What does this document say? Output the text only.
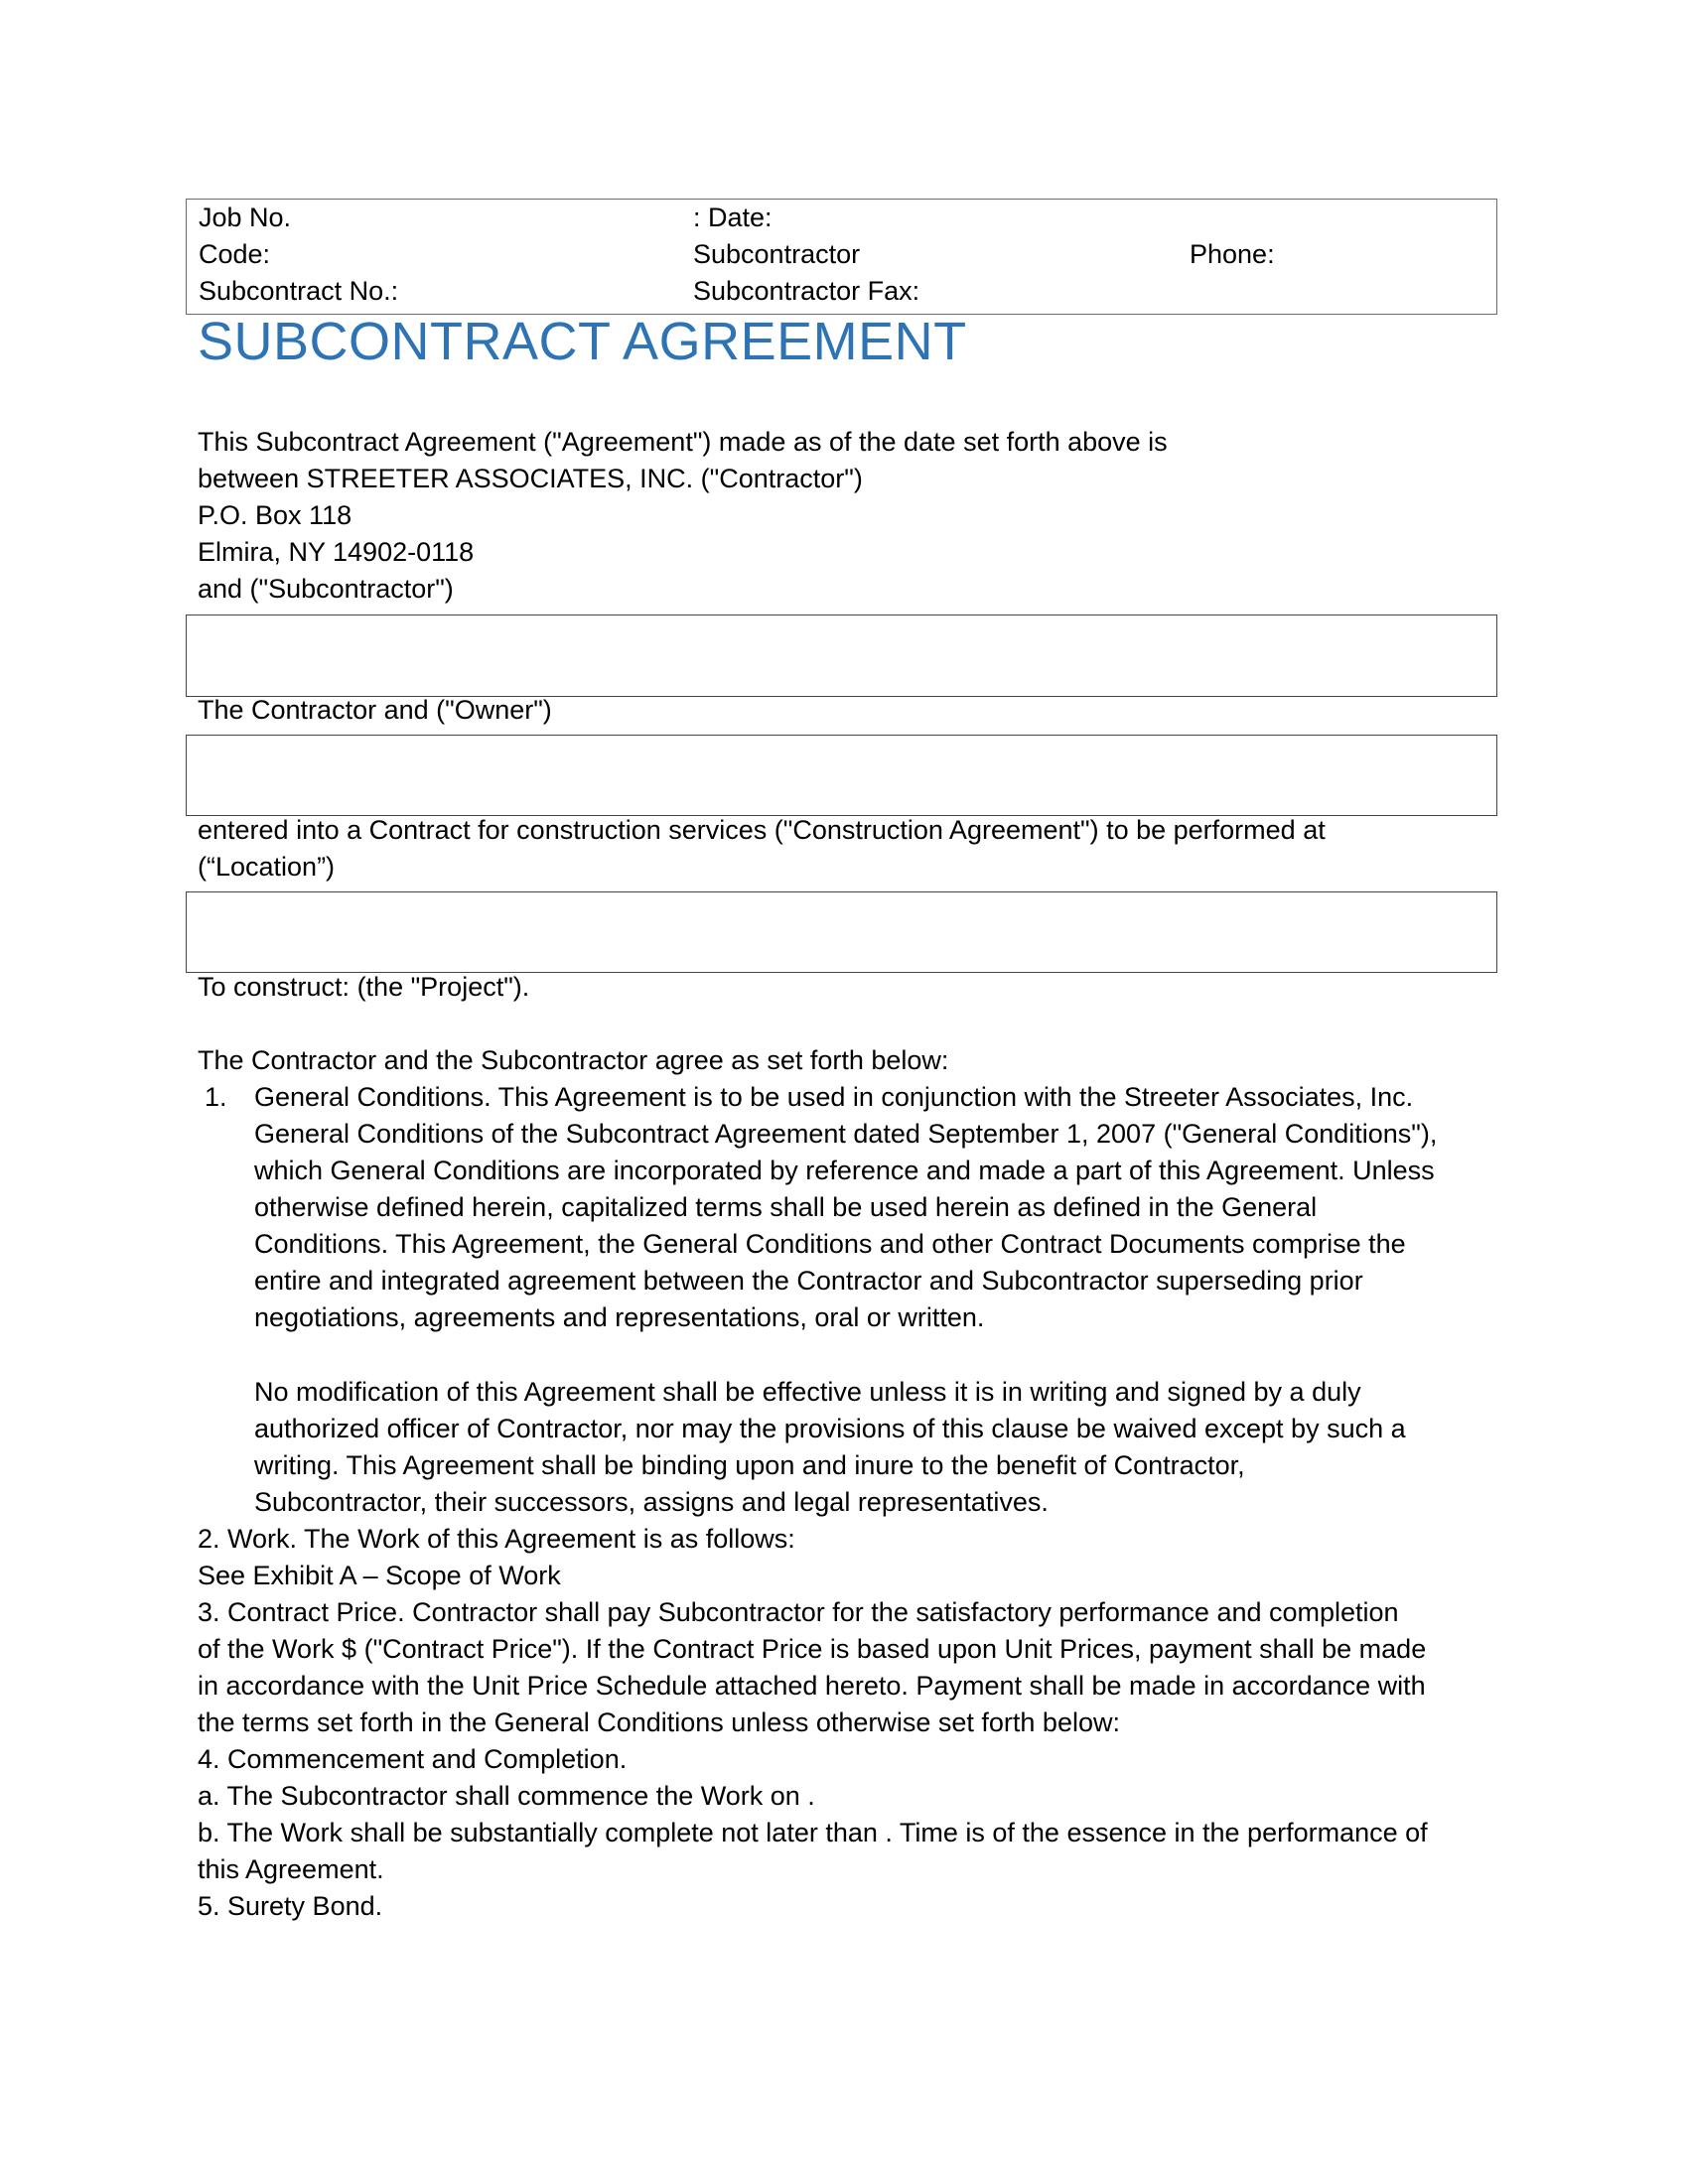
Job No.	: Date:
Code:	Subcontractor	Phone:
Subcontract No.:	Subcontractor Fax:
SUBCONTRACT AGREEMENT
This Subcontract Agreement ("Agreement") made as of the date set forth above is
between STREETER ASSOCIATES, INC. ("Contractor")
P.O. Box 118
Elmira, NY 14902-0118
and ("Subcontractor")
The Contractor and ("Owner")
entered into a Contract for construction services ("Construction Agreement") to be performed at
(“Location”)
To construct: (the "Project").
The Contractor and the Subcontractor agree as set forth below:
1. General Conditions. This Agreement is to be used in conjunction with the Streeter Associates, Inc.
General Conditions of the Subcontract Agreement dated September 1, 2007 ("General Conditions"),
which General Conditions are incorporated by reference and made a part of this Agreement. Unless
otherwise defined herein, capitalized terms shall be used herein as defined in the General
Conditions. This Agreement, the General Conditions and other Contract Documents comprise the
entire and integrated agreement between the Contractor and Subcontractor superseding prior
negotiations, agreements and representations, oral or written.
No modification of this Agreement shall be effective unless it is in writing and signed by a duly
authorized officer of Contractor, nor may the provisions of this clause be waived except by such a
writing. This Agreement shall be binding upon and inure to the benefit of Contractor,
Subcontractor, their successors, assigns and legal representatives.
2. Work. The Work of this Agreement is as follows:
See Exhibit A – Scope of Work
3. Contract Price. Contractor shall pay Subcontractor for the satisfactory performance and completion
of the Work $ ("Contract Price"). If the Contract Price is based upon Unit Prices, payment shall be made
in accordance with the Unit Price Schedule attached hereto. Payment shall be made in accordance with
the terms set forth in the General Conditions unless otherwise set forth below:
4. Commencement and Completion.
a. The Subcontractor shall commence the Work on .
b. The Work shall be substantially complete not later than . Time is of the essence in the performance of
this Agreement.
5. Surety Bond.
